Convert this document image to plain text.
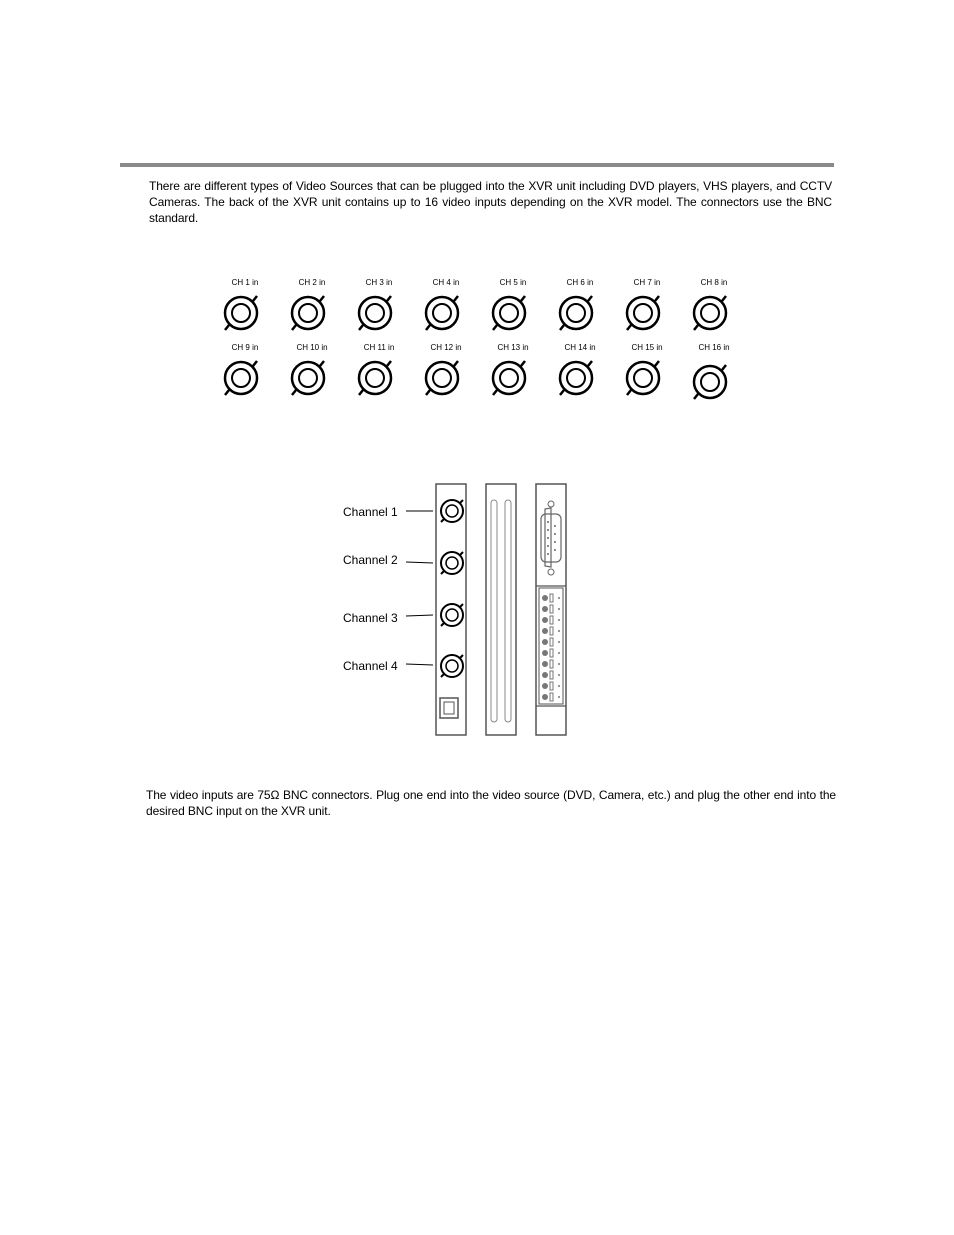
There are different types of Video Sources that can be plugged into the XVR unit including DVD players, VHS players, and CCTV Cameras. The back of the XVR unit contains up to 16 video inputs depending on the XVR model. The connectors use the BNC standard.

CH 1 in	CH 2 in	CH 3 in	CH 4 in	CH 5 in	CH 6 in	CH 7 in	CH 8 in
CH 9 in	CH 10 in	CH 11 in	CH 12 in	CH 13 in	CH 14 in	CH 15 in	CH 16 in
Channel 1
Channel 2
Channel 3
Channel 4

The video inputs are 75Ω BNC connectors. Plug one end into the video source (DVD, Camera, etc.) and plug the other end into the desired BNC input on the XVR unit.
